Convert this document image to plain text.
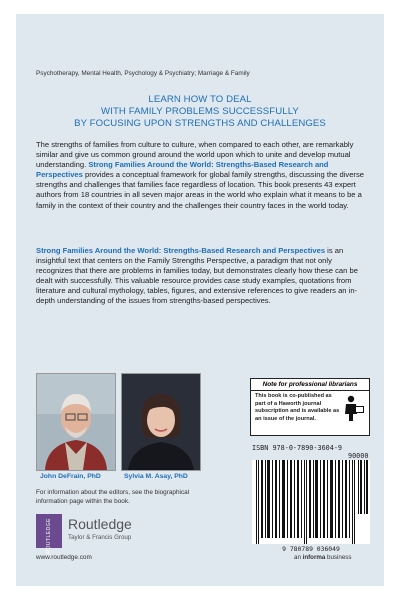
Psychotherapy, Mental Health, Psychology & Psychiatry; Marriage & Family
LEARN HOW TO DEAL
WITH FAMILY PROBLEMS SUCCESSFULLY
BY FOCUSING UPON STRENGTHS AND CHALLENGES
The strengths of families from culture to culture, when compared to each other, are remarkably similar and give us common ground around the world upon which to unite and develop mutual understanding. Strong Families Around the World: Strengths-Based Research and Perspectives provides a conceptual framework for global family strengths, discussing the diverse strengths and challenges that families face regardless of location. This book presents 43 expert authors from 18 countries in all seven major areas in the world who explain what it means to be a family in the context of their country and the challenges their country faces in the world today.
Strong Families Around the World: Strengths-Based Research and Perspectives is an insightful text that centers on the Family Strengths Perspective, a paradigm that not only recognizes that there are problems in families today, but demonstrates clearly how these can be dealt with successfully. This valuable resource provides case study examples, quotations from literature and cultural mythology, tables, figures, and extensive references to give readers an in-depth understanding of the issues from strengths-based perspectives.
John DeFrain, PhD	Sylvia M. Asay, PhD
For information about the editors, see the biographical information page within the book.
ROUTLEDGE Routledge
Taylor & Francis Group
www.routledge.com
Note for professional librarians
This book is co-published as part of a Haworth journal subscription and is available as an issue of the journal.
ISBN 978-0-7890-3604-9
90000
9 780789 036049
an informa business
